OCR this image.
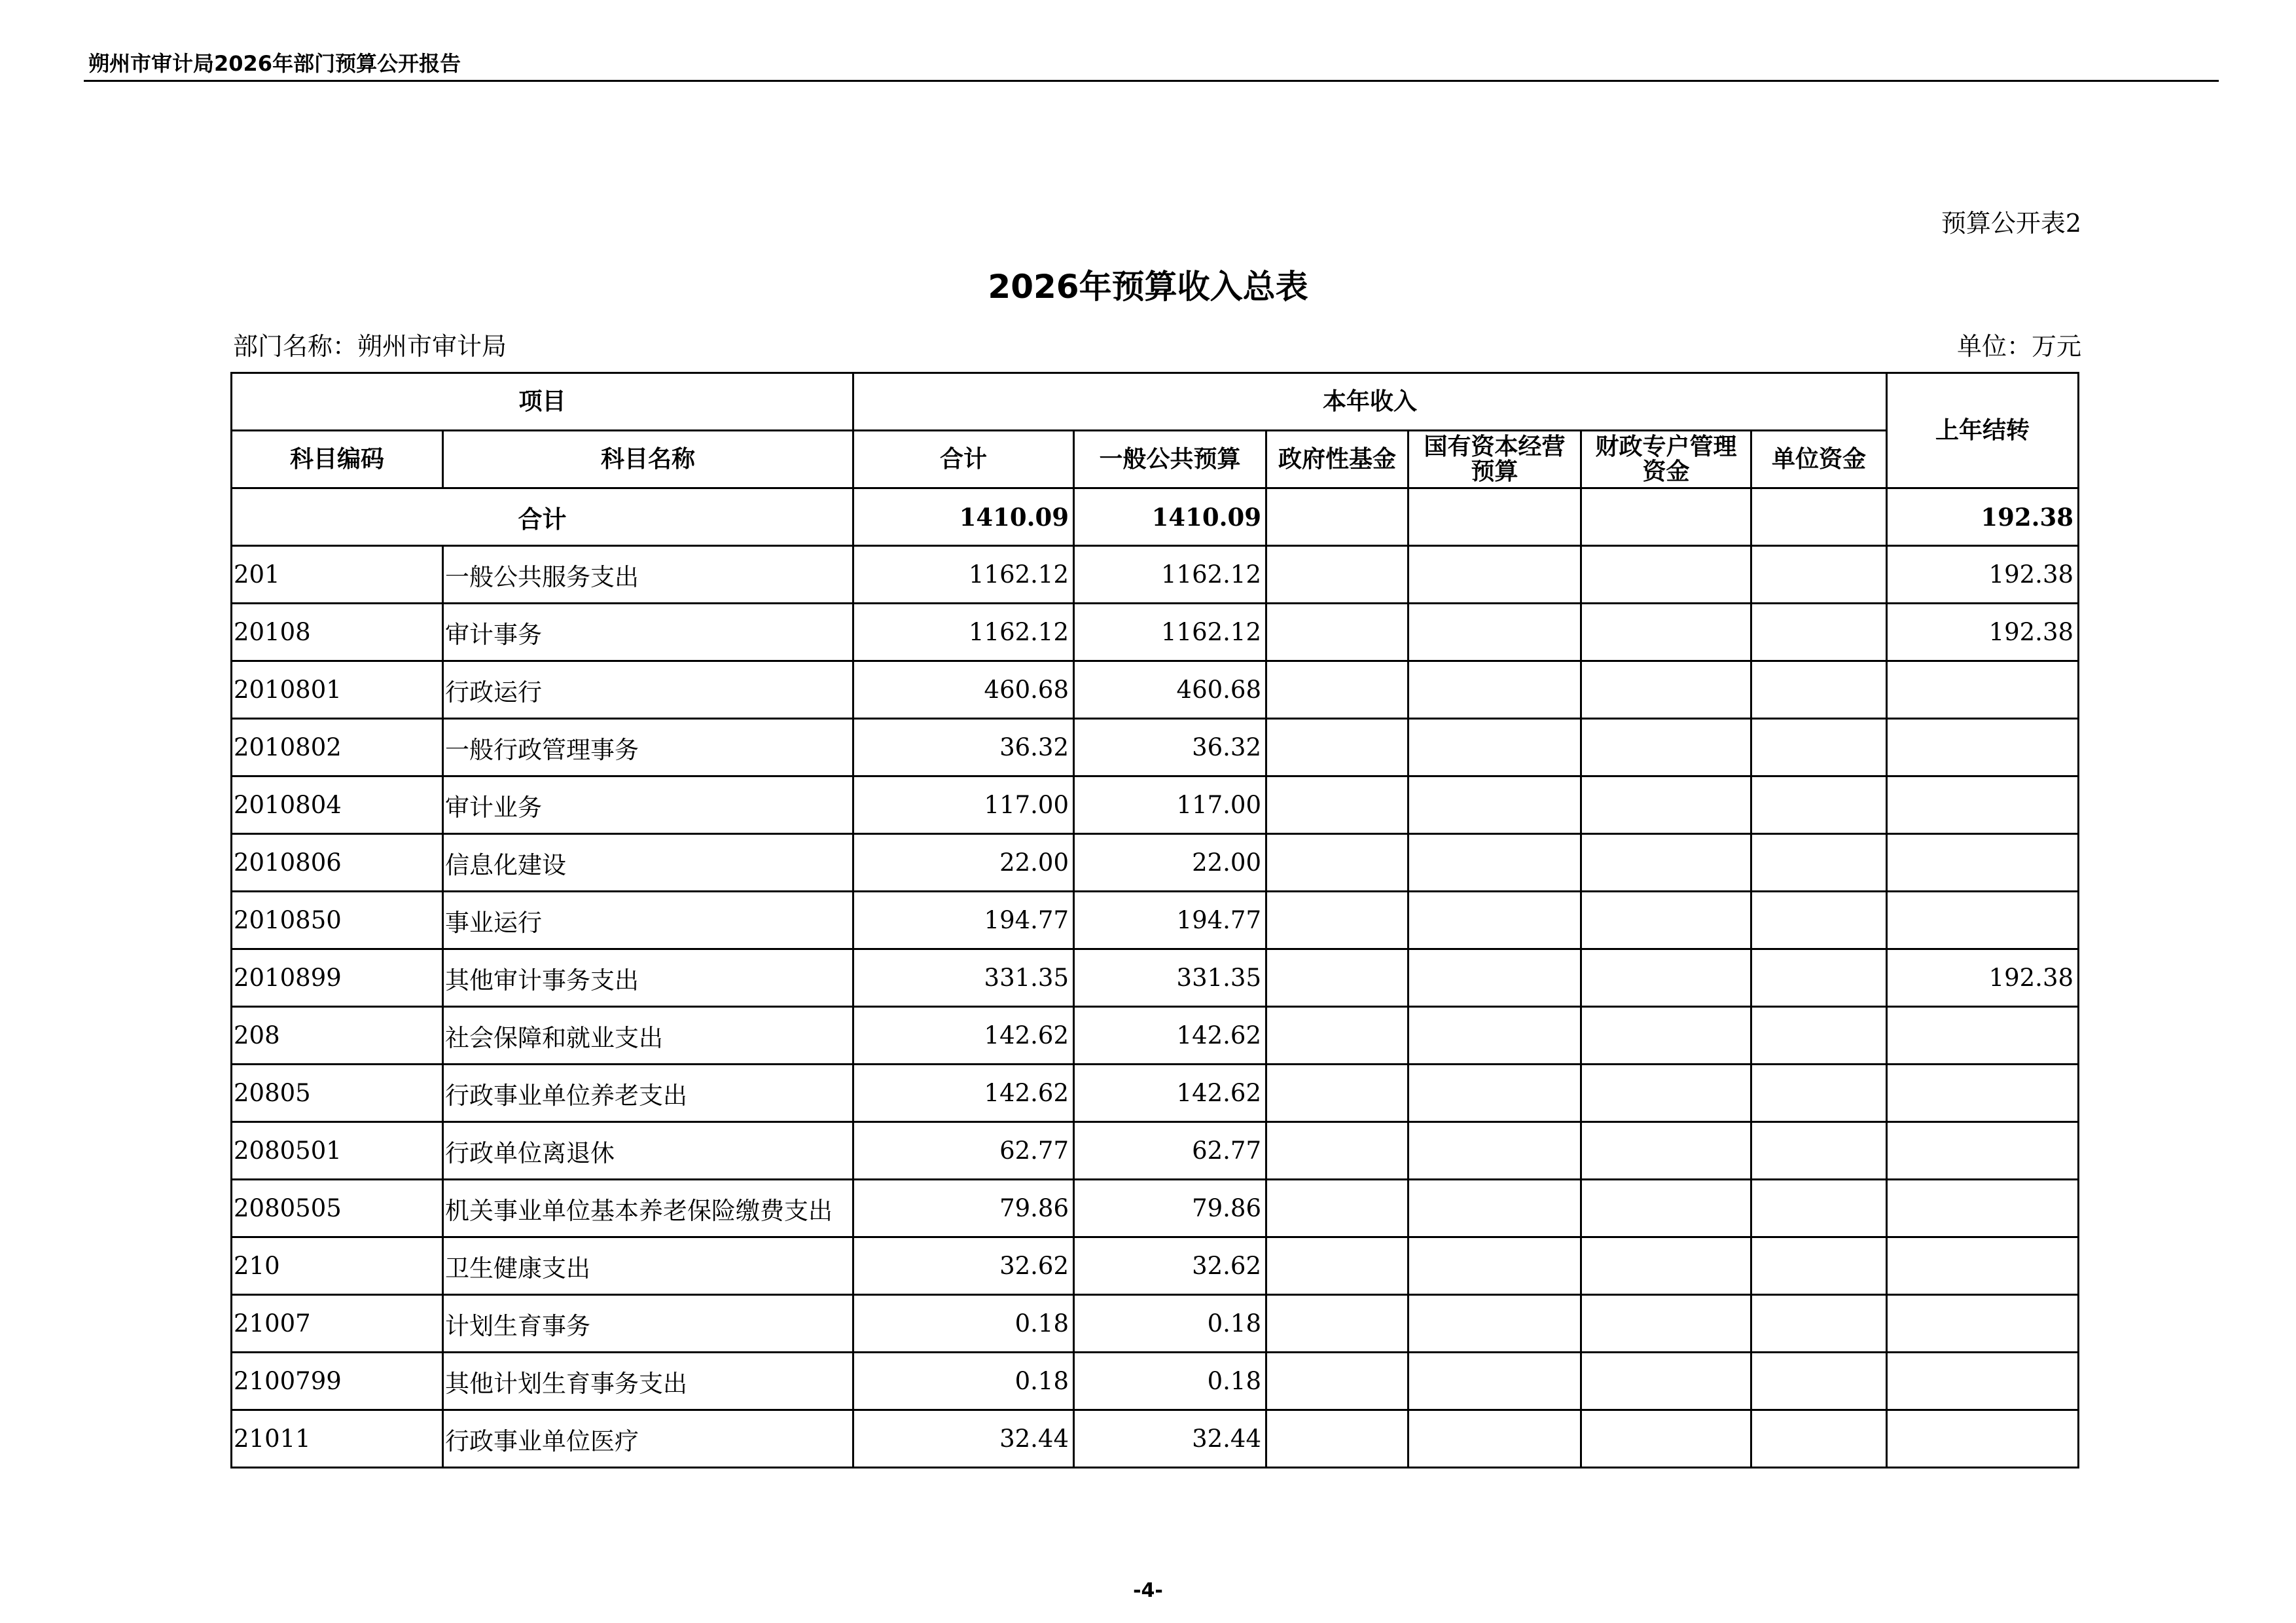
朔州市审计局2026年部门预算公开报告
预算公开表2
2026年预算收入总表
部门名称：朔州市审计局	单位：万元
项目		本年收入						上年结转
科目编码	科目名称	合计	一般公共预算	政府性基金	国有资本经营预算	财政专户管理资金	单位资金	
合计		1410.09	1410.09					192.38
201	一般公共服务支出	1162.12	1162.12					192.38
20108	审计事务	1162.12	1162.12					192.38
2010801	行政运行	460.68	460.68					
2010802	一般行政管理事务	36.32	36.32					
2010804	审计业务	117.00	117.00					
2010806	信息化建设	22.00	22.00					
2010850	事业运行	194.77	194.77					
2010899	其他审计事务支出	331.35	331.35					192.38
208	社会保障和就业支出	142.62	142.62					
20805	行政事业单位养老支出	142.62	142.62					
2080501	行政单位离退休	62.77	62.77					
2080505	机关事业单位基本养老保险缴费支出	79.86	79.86					
210	卫生健康支出	32.62	32.62					
21007	计划生育事务	0.18	0.18					
2100799	其他计划生育事务支出	0.18	0.18					
21011	行政事业单位医疗	32.44	32.44					
-4-
